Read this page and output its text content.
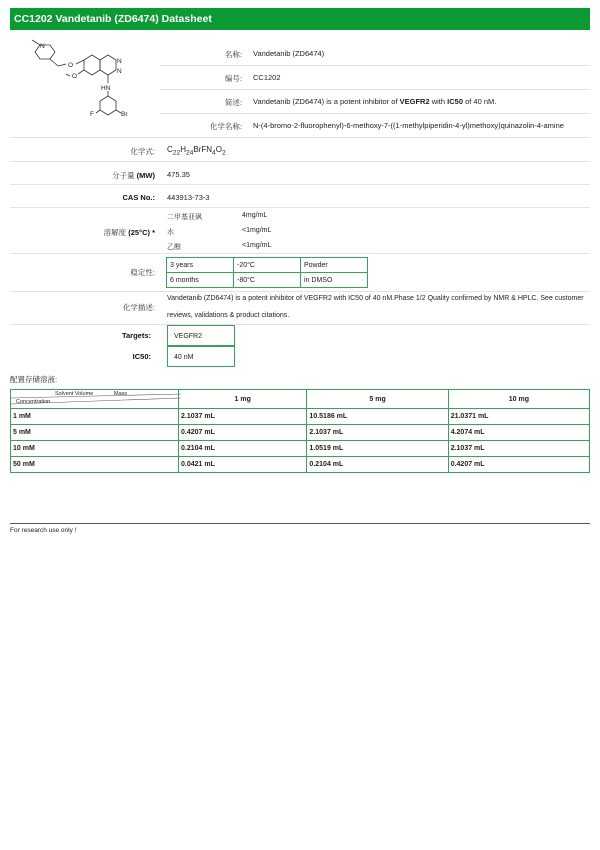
CC1202 Vandetanib (ZD6474) Datasheet
N
O
O
N
N
HN
F	Br
名称: Vandetanib (ZD6474)
编号: CC1202
简述: Vandetanib (ZD6474) is a potent inhibitor of VEGFR2 with IC50 of 40 nM.
化学名称: N-(4-bromo-2-fluorophenyl)-6-methoxy-7-((1-methylpiperidin-4-yl)methoxy)quinazolin-4-amine
化学式: $C_{22}H_{24}BrFN_4O_2$
分子量 (MW) 475.35
CAS No.: 443913-73-3
溶解度 (25°C) *
二甲基亚砜	4mg/mL
水	<1mg/mL
乙醇	<1mg/mL
稳定性:
3 years	-20°C	Powder
6 months	-80°C	in DMSO
化学描述:
Vandetanib (ZD6474) is a potent inhibitor of VEGFR2 with IC50 of 40 nM.Phase 1/2 Quality confirmed by NMR & HPLC. See customer
reviews, validations & product citations.
Targets:	VEGFR2
IC50:	40 nM
配置存储溶液:
Solvent Volume Mass
Concentration	1 mg	5 mg	10 mg
1 mM	2.1037 mL	10.5186 mL	21.0371 mL
5 mM	0.4207 mL	2.1037 mL	4.2074 mL
10 mM	0.2104 mL	1.0519 mL	2.1037 mL
50 mM	0.0421 mL	0.2104 mL	0.4207 mL
For research use only !
